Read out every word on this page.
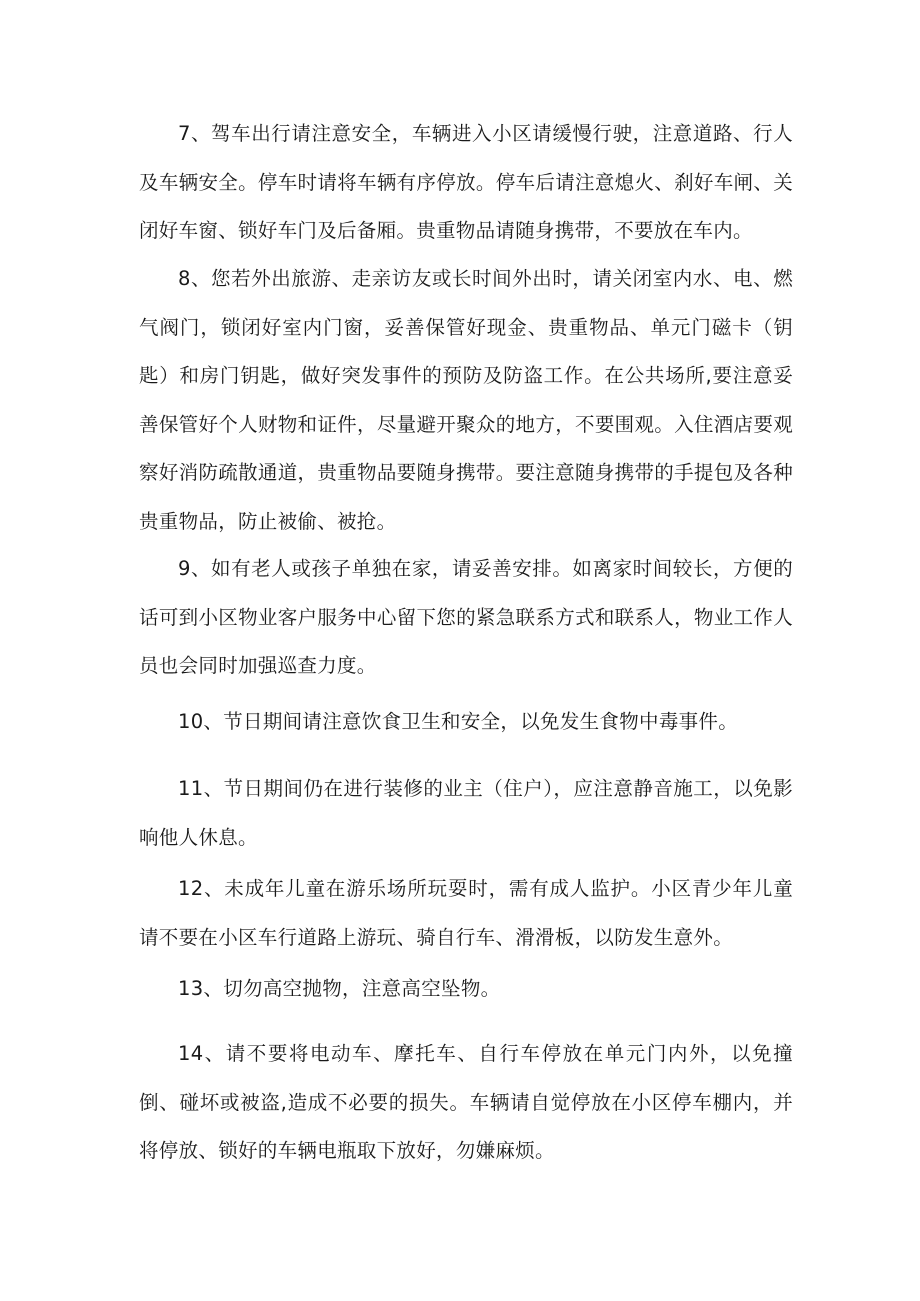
7、驾车出行请注意安全，车辆进入小区请缓慢行驶，注意道路、行人及车辆安全。停车时请将车辆有序停放。停车后请注意熄火、刹好车闸、关闭好车窗、锁好车门及后备厢。贵重物品请随身携带，不要放在车内。

8、您若外出旅游、走亲访友或长时间外出时，请关闭室内水、电、燃气阀门，锁闭好室内门窗，妥善保管好现金、贵重物品、单元门磁卡（钥匙）和房门钥匙，做好突发事件的预防及防盗工作。在公共场所,要注意妥善保管好个人财物和证件，尽量避开聚众的地方，不要围观。入住酒店要观察好消防疏散通道，贵重物品要随身携带。要注意随身携带的手提包及各种贵重物品，防止被偷、被抢。

9、如有老人或孩子单独在家，请妥善安排。如离家时间较长，方便的话可到小区物业客户服务中心留下您的紧急联系方式和联系人，物业工作人员也会同时加强巡查力度。

10、节日期间请注意饮食卫生和安全，以免发生食物中毒事件。

11、节日期间仍在进行装修的业主（住户），应注意静音施工，以免影响他人休息。

12、未成年儿童在游乐场所玩耍时，需有成人监护。小区青少年儿童请不要在小区车行道路上游玩、骑自行车、滑滑板，以防发生意外。

13、切勿高空抛物，注意高空坠物。

14、请不要将电动车、摩托车、自行车停放在单元门内外，以免撞倒、碰坏或被盗,造成不必要的损失。车辆请自觉停放在小区停车棚内，并将停放、锁好的车辆电瓶取下放好，勿嫌麻烦。
